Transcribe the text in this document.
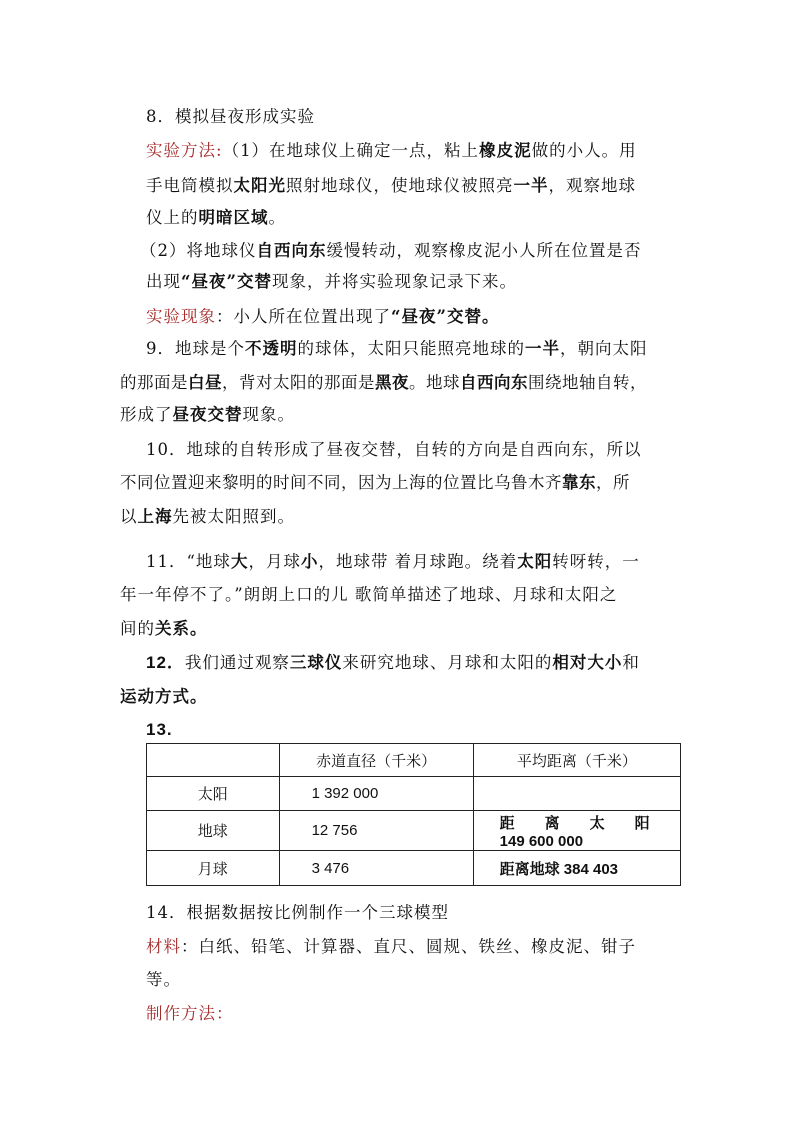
8．模拟昼夜形成实验
实验方法:（1）在地球仪上确定一点，粘上橡皮泥做的小人。用
手电筒模拟太阳光照射地球仪，使地球仪被照亮一半，观察地球
仪上的明暗区域。
（2）将地球仪自西向东缓慢转动，观察橡皮泥小人所在位置是否
出现“昼夜”交替现象，并将实验现象记录下来。
实验现象：小人所在位置出现了“昼夜”交替。
9．地球是个不透明的球体，太阳只能照亮地球的一半，朝向太阳
的那面是白昼，背对太阳的那面是黑夜。地球自西向东围绕地轴自转，
形成了昼夜交替现象。
10．地球的自转形成了昼夜交替，自转的方向是自西向东，所以
不同位置迎来黎明的时间不同，因为上海的位置比乌鲁木齐靠东，所
以上海先被太阳照到。
11．“地球大，月球小，地球带 着月球跑。绕着太阳转呀转，一
年一年停不了。”朗朗上口的儿 歌简单描述了地球、月球和太阳之
间的关系。
12．我们通过观察三球仪来研究地球、月球和太阳的相对大小和
运动方式。
13.
	赤道直径（千米）	平均距离（千米）
太阳	1 392 000	
地球	12 756	距 离 太 阳
149 600 000

月球	3 476	距离地球 384 403
14．根据数据按比例制作一个三球模型
材料：白纸、铅笔、计算器、直尺、圆规、铁丝、橡皮泥、钳子
等。
制作方法：
